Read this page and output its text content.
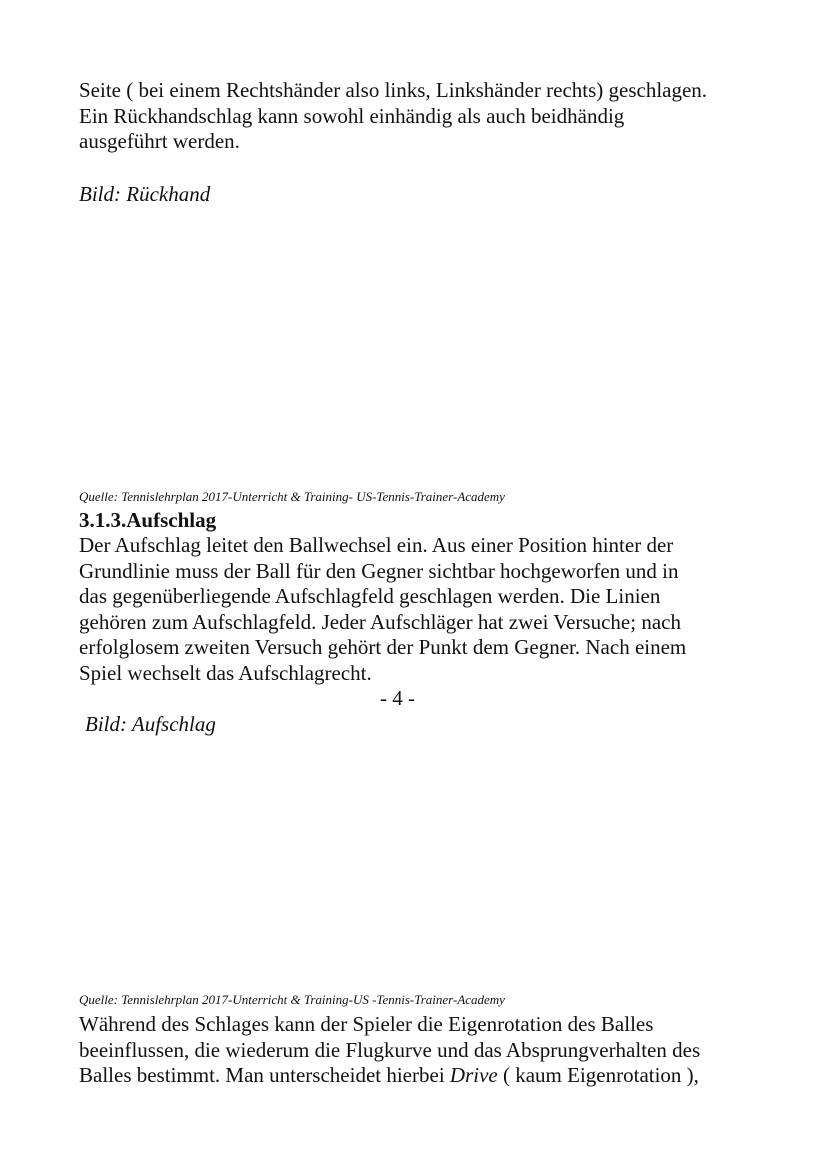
Seite ( bei einem Rechtshänder also links, Linkshänder rechts) geschlagen.
Ein Rückhandschlag kann sowohl einhändig als auch beidhändig
ausgeführt werden.

Bild: Rückhand

Quelle: Tennislehrplan 2017-Unterricht & Training- US-Tennis-Trainer-Academy

3.1.3.Aufschlag

Der Aufschlag leitet den Ballwechsel ein. Aus einer Position hinter der
Grundlinie muss der Ball für den Gegner sichtbar hochgeworfen und in
das gegenüberliegende Aufschlagfeld geschlagen werden. Die Linien
gehören zum Aufschlagfeld. Jeder Aufschläger hat zwei Versuche; nach
erfolglosem zweiten Versuch gehört der Punkt dem Gegner. Nach einem
Spiel wechselt das Aufschlagrecht.

- 4 -

Bild: Aufschlag

Quelle: Tennislehrplan 2017-Unterricht & Training-US -Tennis-Trainer-Academy

Während des Schlages kann der Spieler die Eigenrotation des Balles
beeinflussen, die wiederum die Flugkurve und das Absprungverhalten des
Balles bestimmt. Man unterscheidet hierbei Drive ( kaum Eigenrotation ),
